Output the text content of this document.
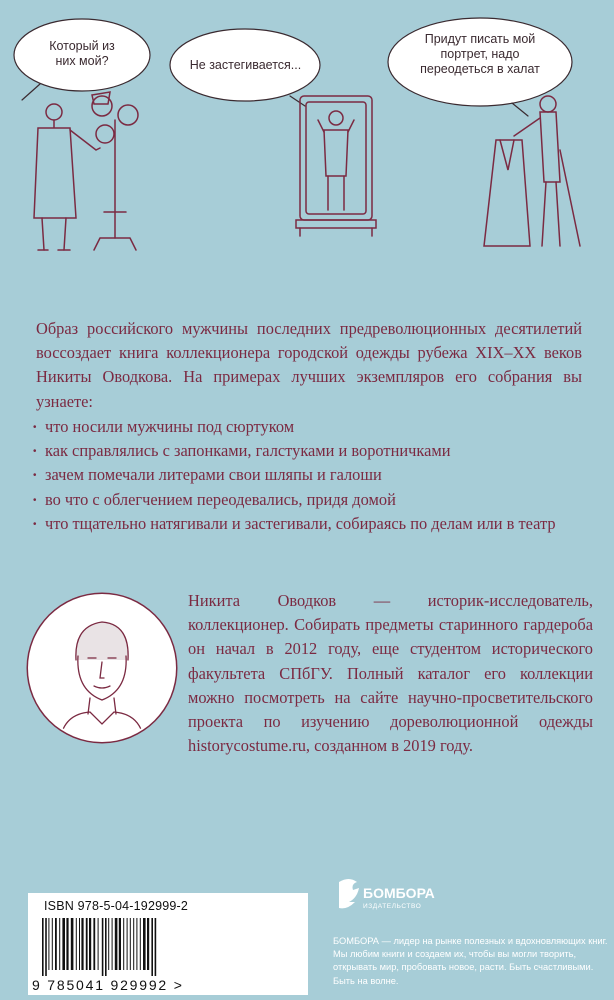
Который из
них мой?	Не застегивается...
Придут писать мой
портрет, надо
переодеться в халат

Образ российского мужчины последних предреволюционных десятилетий воссоздает книга коллекционера городской одежды рубежа XIX–XX веков Никиты Оводкова. На примерах лучших экземпляров его собрания вы узнаете:

· что носили мужчины под сюртуком
· как справлялись с запонками, галстуками и воротничками
· зачем помечали литерами свои шляпы и галоши
· во что с облегчением переодевались, придя домой
· что тщательно натягивали и застегивали, собираясь по делам или в театр

Никита Оводков — историк-исследователь, коллекционер. Собирать предметы старинного гардероба он начал в 2012 году, еще студентом исторического факультета СПбГУ. Полный каталог его коллекции можно посмотреть на сайте научно-просветительского проекта по изучению дореволюционной одежды historycostume.ru, созданном в 2019 году.

ISBN 978-5-04-192999-2
9 785041 929992 >
БОМБОРА
ИЗДАТЕЛЬСТВО

БОМБОРА — лидер на рынке полезных и вдохновляющих книг. Мы любим книги и создаем их, чтобы вы могли творить, открывать мир, пробовать новое, расти. Быть счастливыми. Быть на волне.
